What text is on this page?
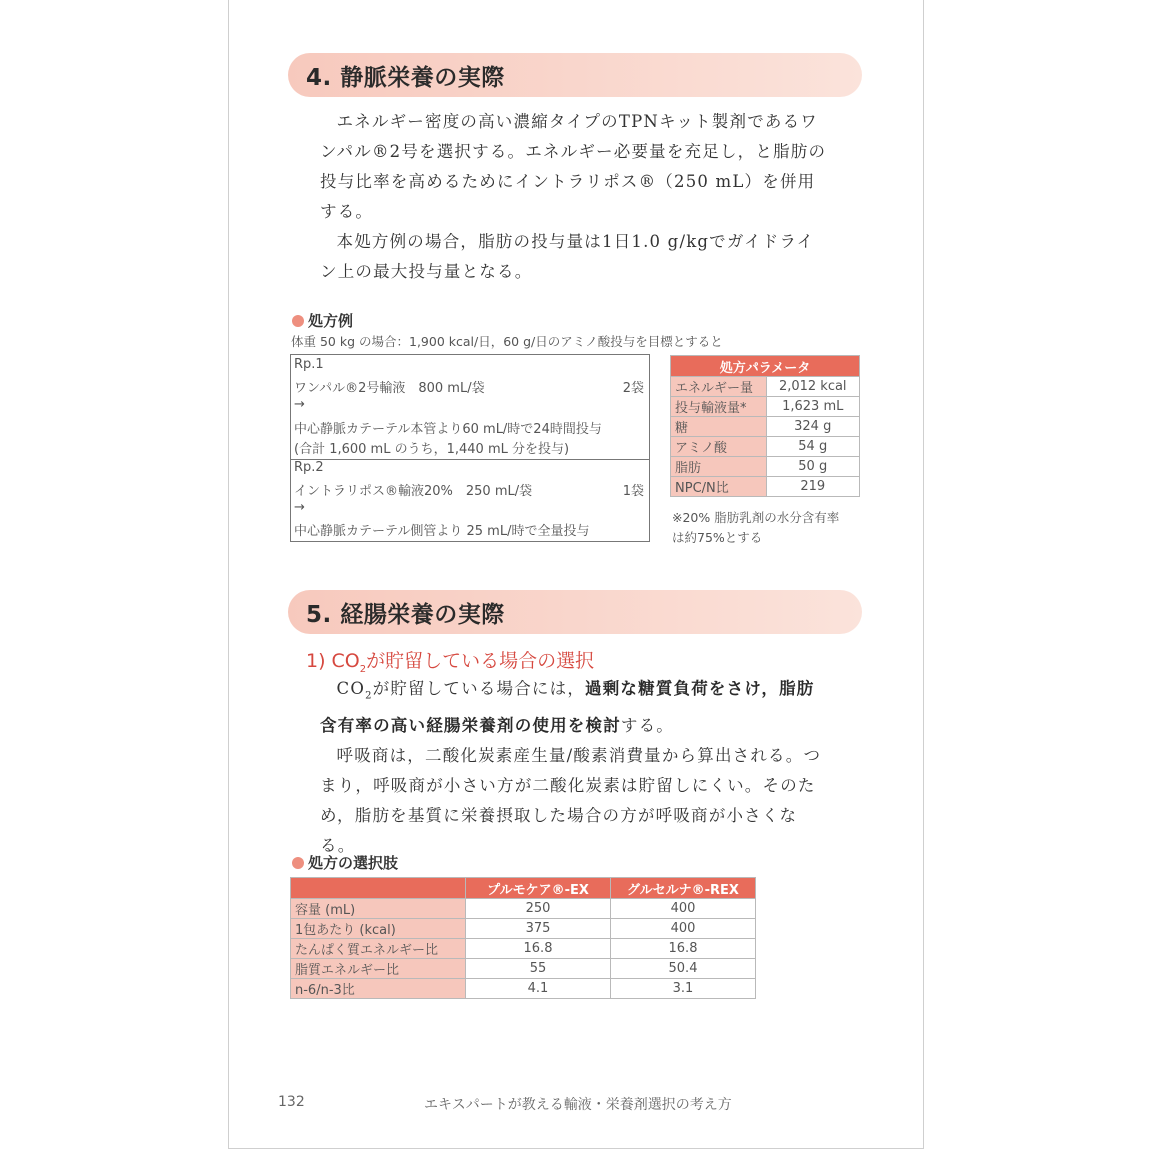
4. 静脈栄養の実際

エネルギー密度の高い濃縮タイプのTPNキット製剤であるワンパル®2号を選択する。エネルギー必要量を充足し，と脂肪の投与比率を高めるためにイントラリポス®（250 mL）を併用する。

本処方例の場合，脂肪の投与量は1日1.0 g/kgでガイドライン上の最大投与量となる。

処方例
体重 50 kg の場合：1,900 kcal/日，60 g/日のアミノ酸投与を目標とすると
Rp.1
ワンパル®2号輸液　800 mL/袋	2袋
→
中心静脈カテーテル本管より60 mL/時で24時間投与
(合計 1,600 mL のうち，1,440 mL 分を投与)
Rp.2
イントラリポス®輸液20%　250 mL/袋	1袋
→
中心静脈カテーテル側管より 25 mL/時で全量投与
処方パラメータ	
エネルギー量	2,012 kcal
投与輸液量*	1,623 mL
糖	324 g
アミノ酸	54 g
脂肪	50 g
NPC/N比	219
※20% 脂肪乳剤の水分含有率
は約75%とする
5. 経腸栄養の実際
1) $CO_2$が貯留している場合の選択

$CO_2$が貯留している場合には，過剰な糖質負荷をさけ，脂肪含有率の高い経腸栄養剤の使用を検討する。

呼吸商は，二酸化炭素産生量/酸素消費量から算出される。つまり，呼吸商が小さい方が二酸化炭素は貯留しにくい。そのため，脂肪を基質に栄養摂取した場合の方が呼吸商が小さくなる。

処方の選択肢
	プルモケア®-EX	グルセルナ®-REX
容量 (mL)	250	400
1包あたり (kcal)	375	400
たんぱく質エネルギー比	16.8	16.8
脂質エネルギー比	55	50.4
n-6/n-3比	4.1	3.1
132	エキスパートが教える輸液・栄養剤選択の考え方
